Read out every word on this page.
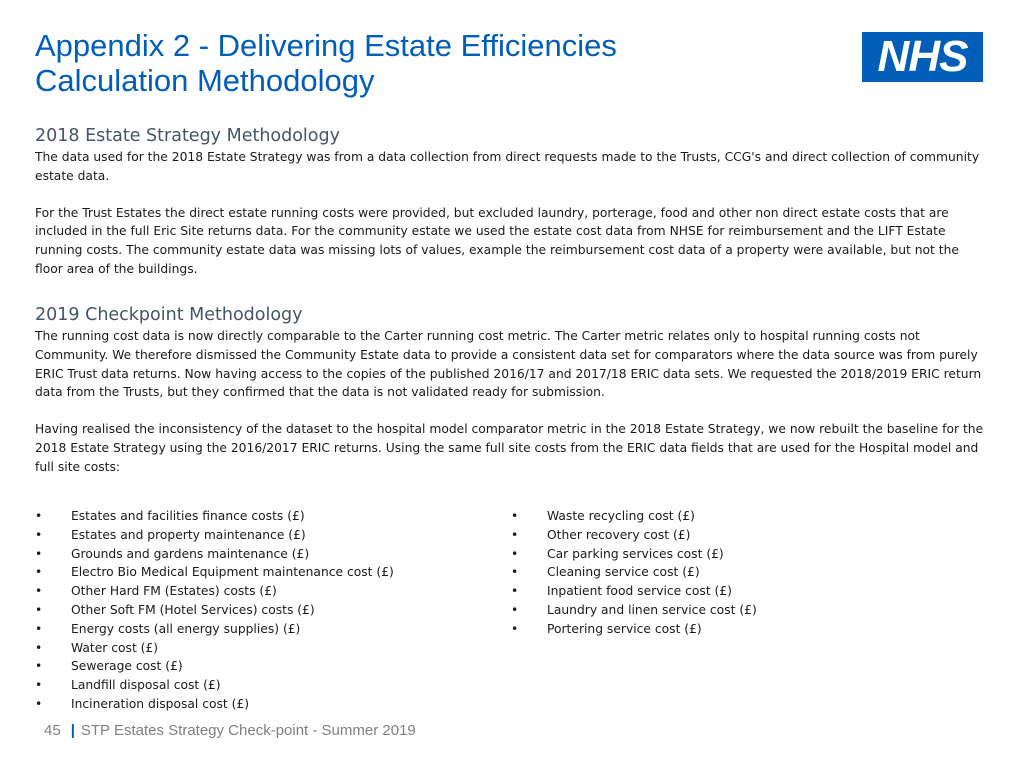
Appendix 2 - Delivering Estate Efficiencies
Calculation Methodology	NHS
2018 Estate Strategy Methodology

The data used for the 2018 Estate Strategy was from a data collection from direct requests made to the Trusts, CCG's and direct collection of community estate data.

For the Trust Estates the direct estate running costs were provided, but excluded laundry, porterage, food and other non direct estate costs that are included in the full Eric Site returns data. For the community estate we used the estate cost data from NHSE for reimbursement and the LIFT Estate running costs. The community estate data was missing lots of values, example the reimbursement cost data of a property were available, but not the floor area of the buildings.

2019 Checkpoint Methodology

The running cost data is now directly comparable to the Carter running cost metric. The Carter metric relates only to hospital running costs not Community. We therefore dismissed the Community Estate data to provide a consistent data set for comparators where the data source was from purely ERIC Trust data returns. Now having access to the copies of the published 2016/17 and 2017/18 ERIC data sets. We requested the 2018/2019 ERIC return data from the Trusts, but they confirmed that the data is not validated ready for submission.

Having realised the inconsistency of the dataset to the hospital model comparator metric in the 2018 Estate Strategy, we now rebuilt the baseline for the 2018 Estate Strategy using the 2016/2017 ERIC returns. Using the same full site costs from the ERIC data fields that are used for the Hospital model and full site costs:

• Estates and facilities finance costs (£)
• Estates and property maintenance (£)
• Grounds and gardens maintenance (£)
• Electro Bio Medical Equipment maintenance cost (£)
• Other Hard FM (Estates) costs (£)
• Other Soft FM (Hotel Services) costs (£)
• Energy costs (all energy supplies) (£)
• Water cost (£)
• Sewerage cost (£)
• Landfill disposal cost (£)
• Incineration disposal cost (£)
• Waste recycling cost (£)
• Other recovery cost (£)
• Car parking services cost (£)
• Cleaning service cost (£)
• Inpatient food service cost (£)
• Laundry and linen service cost (£)
• Portering service cost (£)
45 | STP Estates Strategy Check-point - Summer 2019
